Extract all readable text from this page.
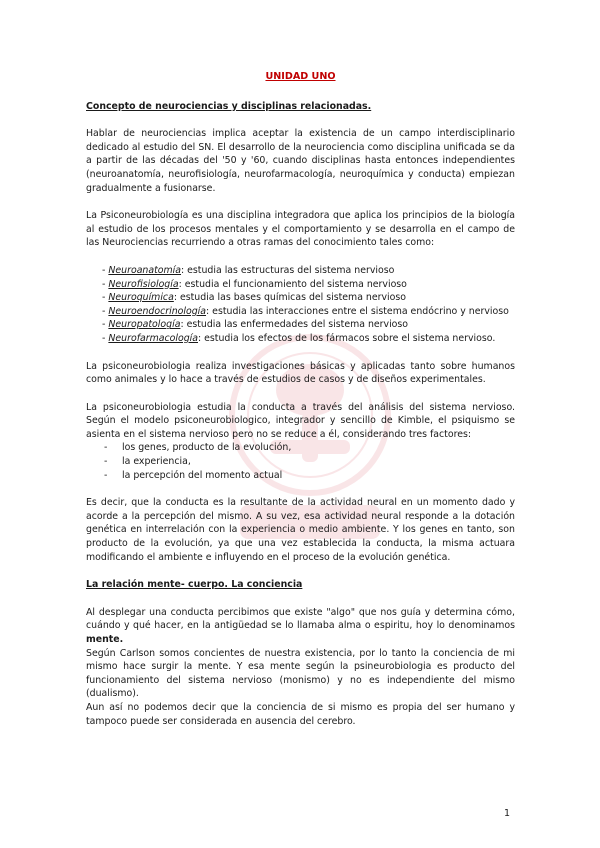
UNIDAD UNO
Concepto de neurociencias y disciplinas relacionadas.

Hablar de neurociencias implica aceptar la existencia de un campo interdisciplinario dedicado al estudio del SN. El desarrollo de la neurociencia como disciplina unificada se da a partir de las décadas del '50 y '60, cuando disciplinas hasta entonces independientes (neuroanatomía, neurofisiología, neurofarmacología, neuroquímica y conducta) empiezan gradualmente a fusionarse.

La Psiconeurobiología es una disciplina integradora que aplica los principios de la biología al estudio de los procesos mentales y el comportamiento y se desarrolla en el campo de las Neurociencias recurriendo a otras ramas del conocimiento tales como:

- Neuroanatomía: estudia las estructuras del sistema nervioso
- Neurofisiología: estudia el funcionamiento del sistema nervioso
- Neuroquímica: estudia las bases químicas del sistema nervioso
- Neuroendocrinología: estudia las interacciones entre el sistema endócrino y nervioso
- Neuropatología: estudia las enfermedades del sistema nervioso
- Neurofarmacología: estudia los efectos de los fármacos sobre el sistema nervioso.

La psiconeurobiologia realiza investigaciones básicas y aplicadas tanto sobre humanos como animales y lo hace a través de estudios de casos y de diseños experimentales.

La psiconeurobiologia estudia la conducta a través del análisis del sistema nervioso. Según el modelo psiconeurobiologico, integrador y sencillo de Kimble, el psiquismo se asienta en el sistema nervioso pero no se reduce a él, considerando tres factores:

-	los genes, producto de la evolución,
-	la experiencia,
-	la percepción del momento actual

Es decir, que la conducta es la resultante de la actividad neural en un momento dado y acorde a la percepción del mismo. A su vez, esa actividad neural responde a la dotación genética en interrelación con la experiencia o medio ambiente. Y los genes en tanto, son producto de la evolución, ya que una vez establecida la conducta, la misma actuara modificando el ambiente e influyendo en el proceso de la evolución genética.

La relación mente- cuerpo. La conciencia

Al desplegar una conducta percibimos que existe "algo" que nos guía y determina cómo, cuándo y qué hacer, en la antigüedad se lo llamaba alma o espiritu, hoy lo denominamos mente.

Según Carlson somos concientes de nuestra existencia, por lo tanto la conciencia de mi mismo hace surgir la mente. Y esa mente según la psineurobiologia es producto del funcionamiento del sistema nervioso (monismo) y no es independiente del mismo (dualismo).

Aun así no podemos decir que la conciencia de si mismo es propia del ser humano y tampoco puede ser considerada en ausencia del cerebro.

1
